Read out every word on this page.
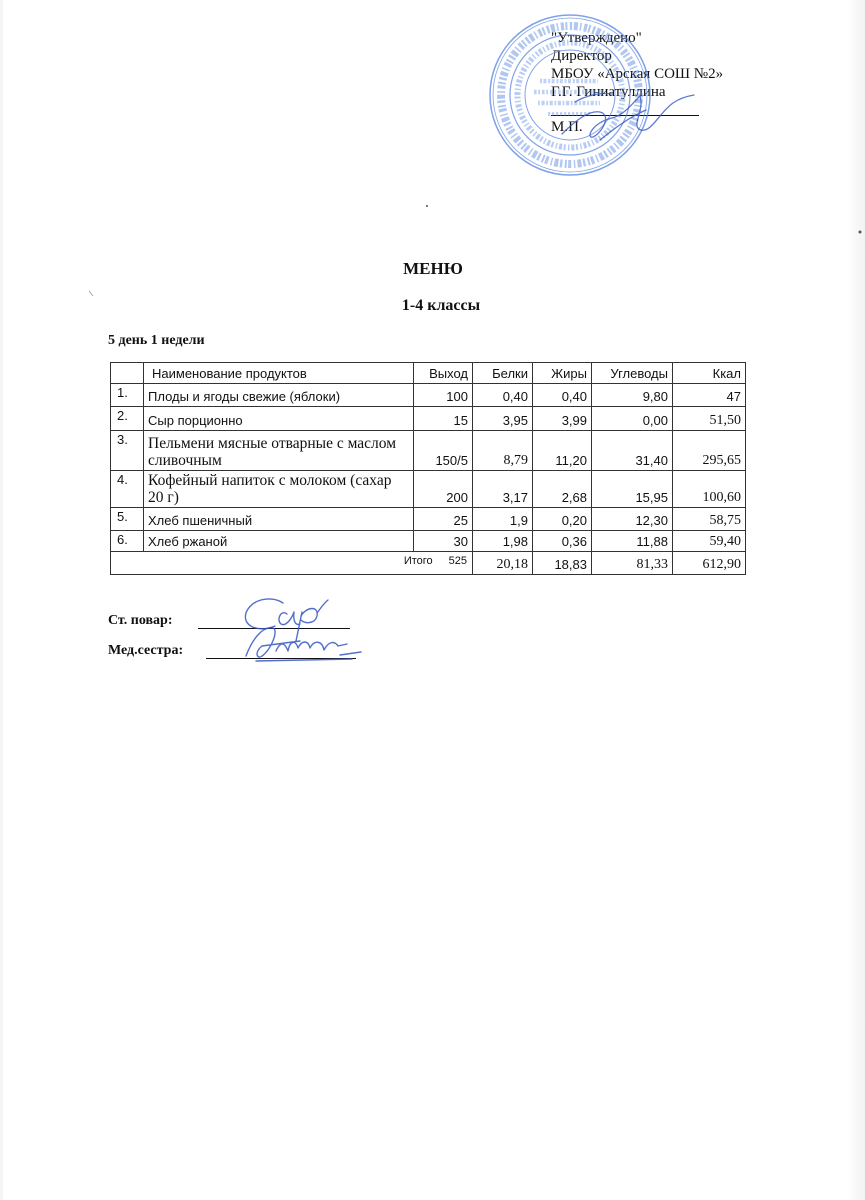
"Утверждено"
Директор
МБОУ «Арская СОШ №2»
Г.Г. Гиниатуллина
М.П.
МЕНЮ
1-4 классы
5 день 1 недели
	Наименование продуктов	Выход	Белки	Жиры	Углеводы	Ккал
1.	Плоды и ягоды свежие (яблоки)	100	0,40	0,40	9,80	47
2.	Сыр порционно	15	3,95	3,99	0,00	51,50
3.	Пельмени мясные отварные с маслом сливочным	150/5	8,79	11,20	31,40	295,65
4.	Кофейный напиток с молоком (сахар 20 г)	200	3,17	2,68	15,95	100,60
5.	Хлеб пшеничный	25	1,9	0,20	12,30	58,75
6.	Хлеб ржаной	30	1,98	0,36	11,88	59,40
Итого 525			20,18	18,83	81,33	612,90
Ст. повар:
Мед.сестра:
